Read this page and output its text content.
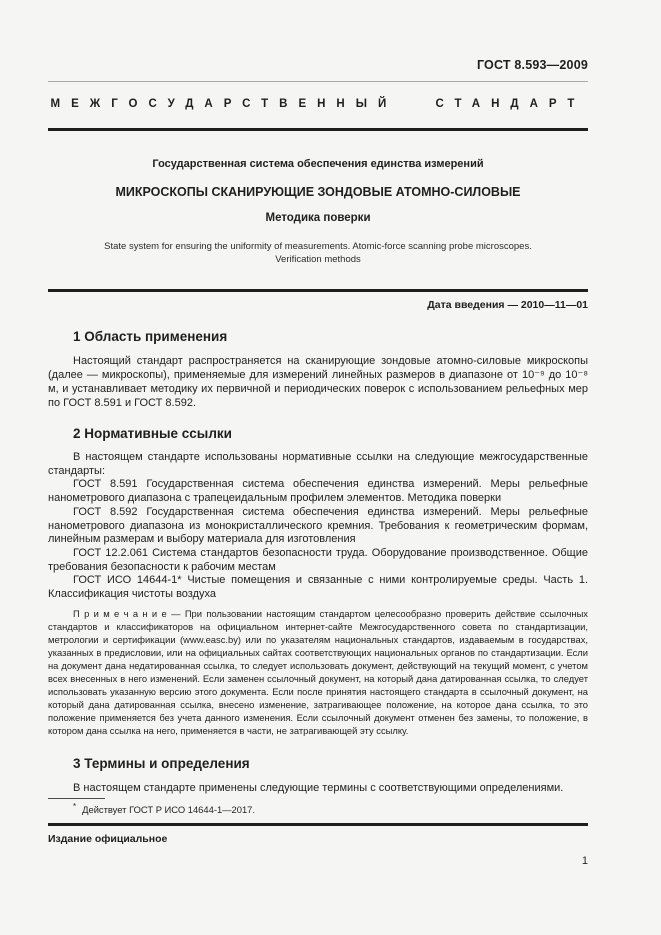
ГОСТ 8.593—2009
МЕЖГОСУДАРСТВЕННЫЙ СТАНДАРТ
Государственная система обеспечения единства измерений
МИКРОСКОПЫ СКАНИРУЮЩИЕ ЗОНДОВЫЕ АТОМНО-СИЛОВЫЕ
Методика поверки
State system for ensuring the uniformity of measurements. Atomic-force scanning probe microscopes.
Verification methods
Дата введения — 2010—11—01
1 Область применения

Настоящий стандарт распространяется на сканирующие зондовые атомно-силовые микроскопы (далее — микроскопы), применяемые для измерений линейных размеров в диапазоне от 10⁻⁹ до 10⁻⁸ м, и устанавливает методику их первичной и периодических поверок с использованием рельефных мер по ГОСТ 8.591 и ГОСТ 8.592.

2 Нормативные ссылки

В настоящем стандарте использованы нормативные ссылки на следующие межгосударственные стандарты:

ГОСТ 8.591 Государственная система обеспечения единства измерений. Меры рельефные нанометрового диапазона с трапецеидальным профилем элементов. Методика поверки

ГОСТ 8.592 Государственная система обеспечения единства измерений. Меры рельефные нанометрового диапазона из монокристаллического кремния. Требования к геометрическим формам, линейным размерам и выбору материала для изготовления

ГОСТ 12.2.061 Система стандартов безопасности труда. Оборудование производственное. Общие требования безопасности к рабочим местам

ГОСТ ИСО 14644-1* Чистые помещения и связанные с ними контролируемые среды. Часть 1. Классификация чистоты воздуха

П р и м е ч а н и е — При пользовании настоящим стандартом целесообразно проверить действие ссылочных стандартов и классификаторов на официальном интернет-сайте Межгосударственного совета по стандартизации, метрологии и сертификации (www.easc.by) или по указателям национальных стандартов, издаваемым в государствах, указанных в предисловии, или на официальных сайтах соответствующих национальных органов по стандартизации. Если на документ дана недатированная ссылка, то следует использовать документ, действующий на текущий момент, с учетом всех внесенных в него изменений. Если заменен ссылочный документ, на который дана датированная ссылка, то следует использовать указанную версию этого документа. Если после принятия настоящего стандарта в ссылочный документ, на который дана датированная ссылка, внесено изменение, затрагивающее положение, на которое дана ссылка, то это положение применяется без учета данного изменения. Если ссылочный документ отменен без замены, то положение, в котором дана ссылка на него, применяется в части, не затрагивающей эту ссылку.

3 Термины и определения

В настоящем стандарте применены следующие термины с соответствующими определениями.

* Действует ГОСТ Р ИСО 14644-1—2017.

Издание официальное
1
